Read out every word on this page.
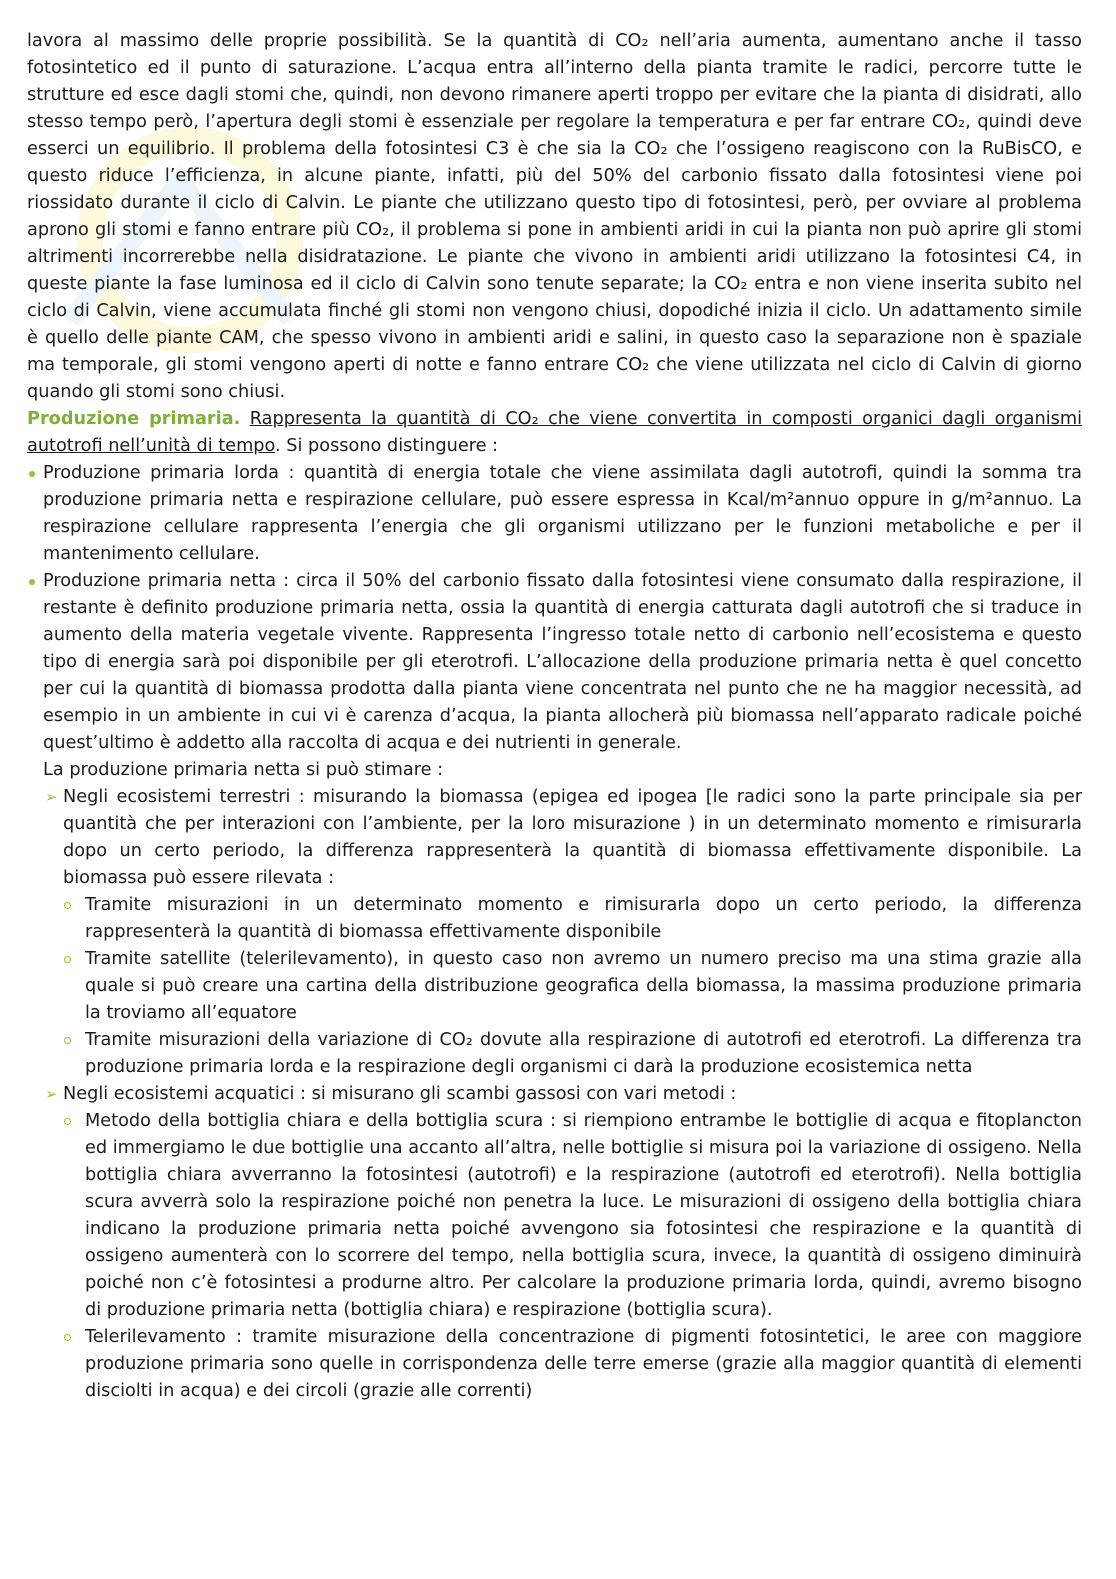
lavora al massimo delle proprie possibilità. Se la quantità di CO₂ nell’aria aumenta, aumentano anche il tasso fotosintetico ed il punto di saturazione. L’acqua entra all’interno della pianta tramite le radici, percorre tutte le strutture ed esce dagli stomi che, quindi, non devono rimanere aperti troppo per evitare che la pianta di disidrati, allo stesso tempo però, l’apertura degli stomi è essenziale per regolare la temperatura e per far entrare CO₂, quindi deve esserci un equilibrio. Il problema della fotosintesi C3 è che sia la CO₂ che l’ossigeno reagiscono con la RuBisCO, e questo riduce l’efficienza, in alcune piante, infatti, più del 50% del carbonio fissato dalla fotosintesi viene poi riossidato durante il ciclo di Calvin. Le piante che utilizzano questo tipo di fotosintesi, però, per ovviare al problema aprono gli stomi e fanno entrare più CO₂, il problema si pone in ambienti aridi in cui la pianta non può aprire gli stomi altrimenti incorrerebbe nella disidratazione. Le piante che vivono in ambienti aridi utilizzano la fotosintesi C4, in queste piante la fase luminosa ed il ciclo di Calvin sono tenute separate; la CO₂ entra e non viene inserita subito nel ciclo di Calvin, viene accumulata finché gli stomi non vengono chiusi, dopodiché inizia il ciclo. Un adattamento simile è quello delle piante CAM, che spesso vivono in ambienti aridi e salini, in questo caso la separazione non è spaziale ma temporale, gli stomi vengono aperti di notte e fanno entrare CO₂ che viene utilizzata nel ciclo di Calvin di giorno quando gli stomi sono chiusi.

Produzione primaria. Rappresenta la quantità di CO₂ che viene convertita in composti organici dagli organismi autotrofi nell’unità di tempo. Si possono distinguere :

Produzione primaria lorda : quantità di energia totale che viene assimilata dagli autotrofi, quindi la somma tra produzione primaria netta e respirazione cellulare, può essere espressa in Kcal/m²annuo oppure in g/m²annuo. La respirazione cellulare rappresenta l’energia che gli organismi utilizzano per le funzioni metaboliche e per il mantenimento cellulare.
Produzione primaria netta : circa il 50% del carbonio fissato dalla fotosintesi viene consumato dalla respirazione, il restante è definito produzione primaria netta, ossia la quantità di energia catturata dagli autotrofi che si traduce in aumento della materia vegetale vivente. Rappresenta l’ingresso totale netto di carbonio nell’ecosistema e questo tipo di energia sarà poi disponibile per gli eterotrofi. L’allocazione della produzione primaria netta è quel concetto per cui la quantità di biomassa prodotta dalla pianta viene concentrata nel punto che ne ha maggior necessità, ad esempio in un ambiente in cui vi è carenza d’acqua, la pianta allocherà più biomassa nell’apparato radicale poiché quest’ultimo è addetto alla raccolta di acqua e dei nutrienti in generale.

La produzione primaria netta si può stimare :

➢ Negli ecosistemi terrestri : misurando la biomassa (epigea ed ipogea [le radici sono la parte principale sia per quantità che per interazioni con l’ambiente, per la loro misurazione ) in un determinato momento e rimisurarla dopo un certo periodo, la differenza rappresenterà la quantità di biomassa effettivamente disponibile. La biomassa può essere rilevata :
Tramite misurazioni in un determinato momento e rimisurarla dopo un certo periodo, la differenza rappresenterà la quantità di biomassa effettivamente disponibile
Tramite satellite (telerilevamento), in questo caso non avremo un numero preciso ma una stima grazie alla quale si può creare una cartina della distribuzione geografica della biomassa, la massima produzione primaria la troviamo all’equatore
Tramite misurazioni della variazione di CO₂ dovute alla respirazione di autotrofi ed eterotrofi. La differenza tra produzione primaria lorda e la respirazione degli organismi ci darà la produzione ecosistemica netta
➢ Negli ecosistemi acquatici : si misurano gli scambi gassosi con vari metodi :
Metodo della bottiglia chiara e della bottiglia scura : si riempiono entrambe le bottiglie di acqua e fitoplancton ed immergiamo le due bottiglie una accanto all’altra, nelle bottiglie si misura poi la variazione di ossigeno. Nella bottiglia chiara avverranno la fotosintesi (autotrofi) e la respirazione (autotrofi ed eterotrofi). Nella bottiglia scura avverrà solo la respirazione poiché non penetra la luce. Le misurazioni di ossigeno della bottiglia chiara indicano la produzione primaria netta poiché avvengono sia fotosintesi che respirazione e la quantità di ossigeno aumenterà con lo scorrere del tempo, nella bottiglia scura, invece, la quantità di ossigeno diminuirà poiché non c’è fotosintesi a produrne altro. Per calcolare la produzione primaria lorda, quindi, avremo bisogno di produzione primaria netta (bottiglia chiara) e respirazione (bottiglia scura).
Telerilevamento : tramite misurazione della concentrazione di pigmenti fotosintetici, le aree con maggiore produzione primaria sono quelle in corrispondenza delle terre emerse (grazie alla maggior quantità di elementi disciolti in acqua) e dei circoli (grazie alle correnti)
